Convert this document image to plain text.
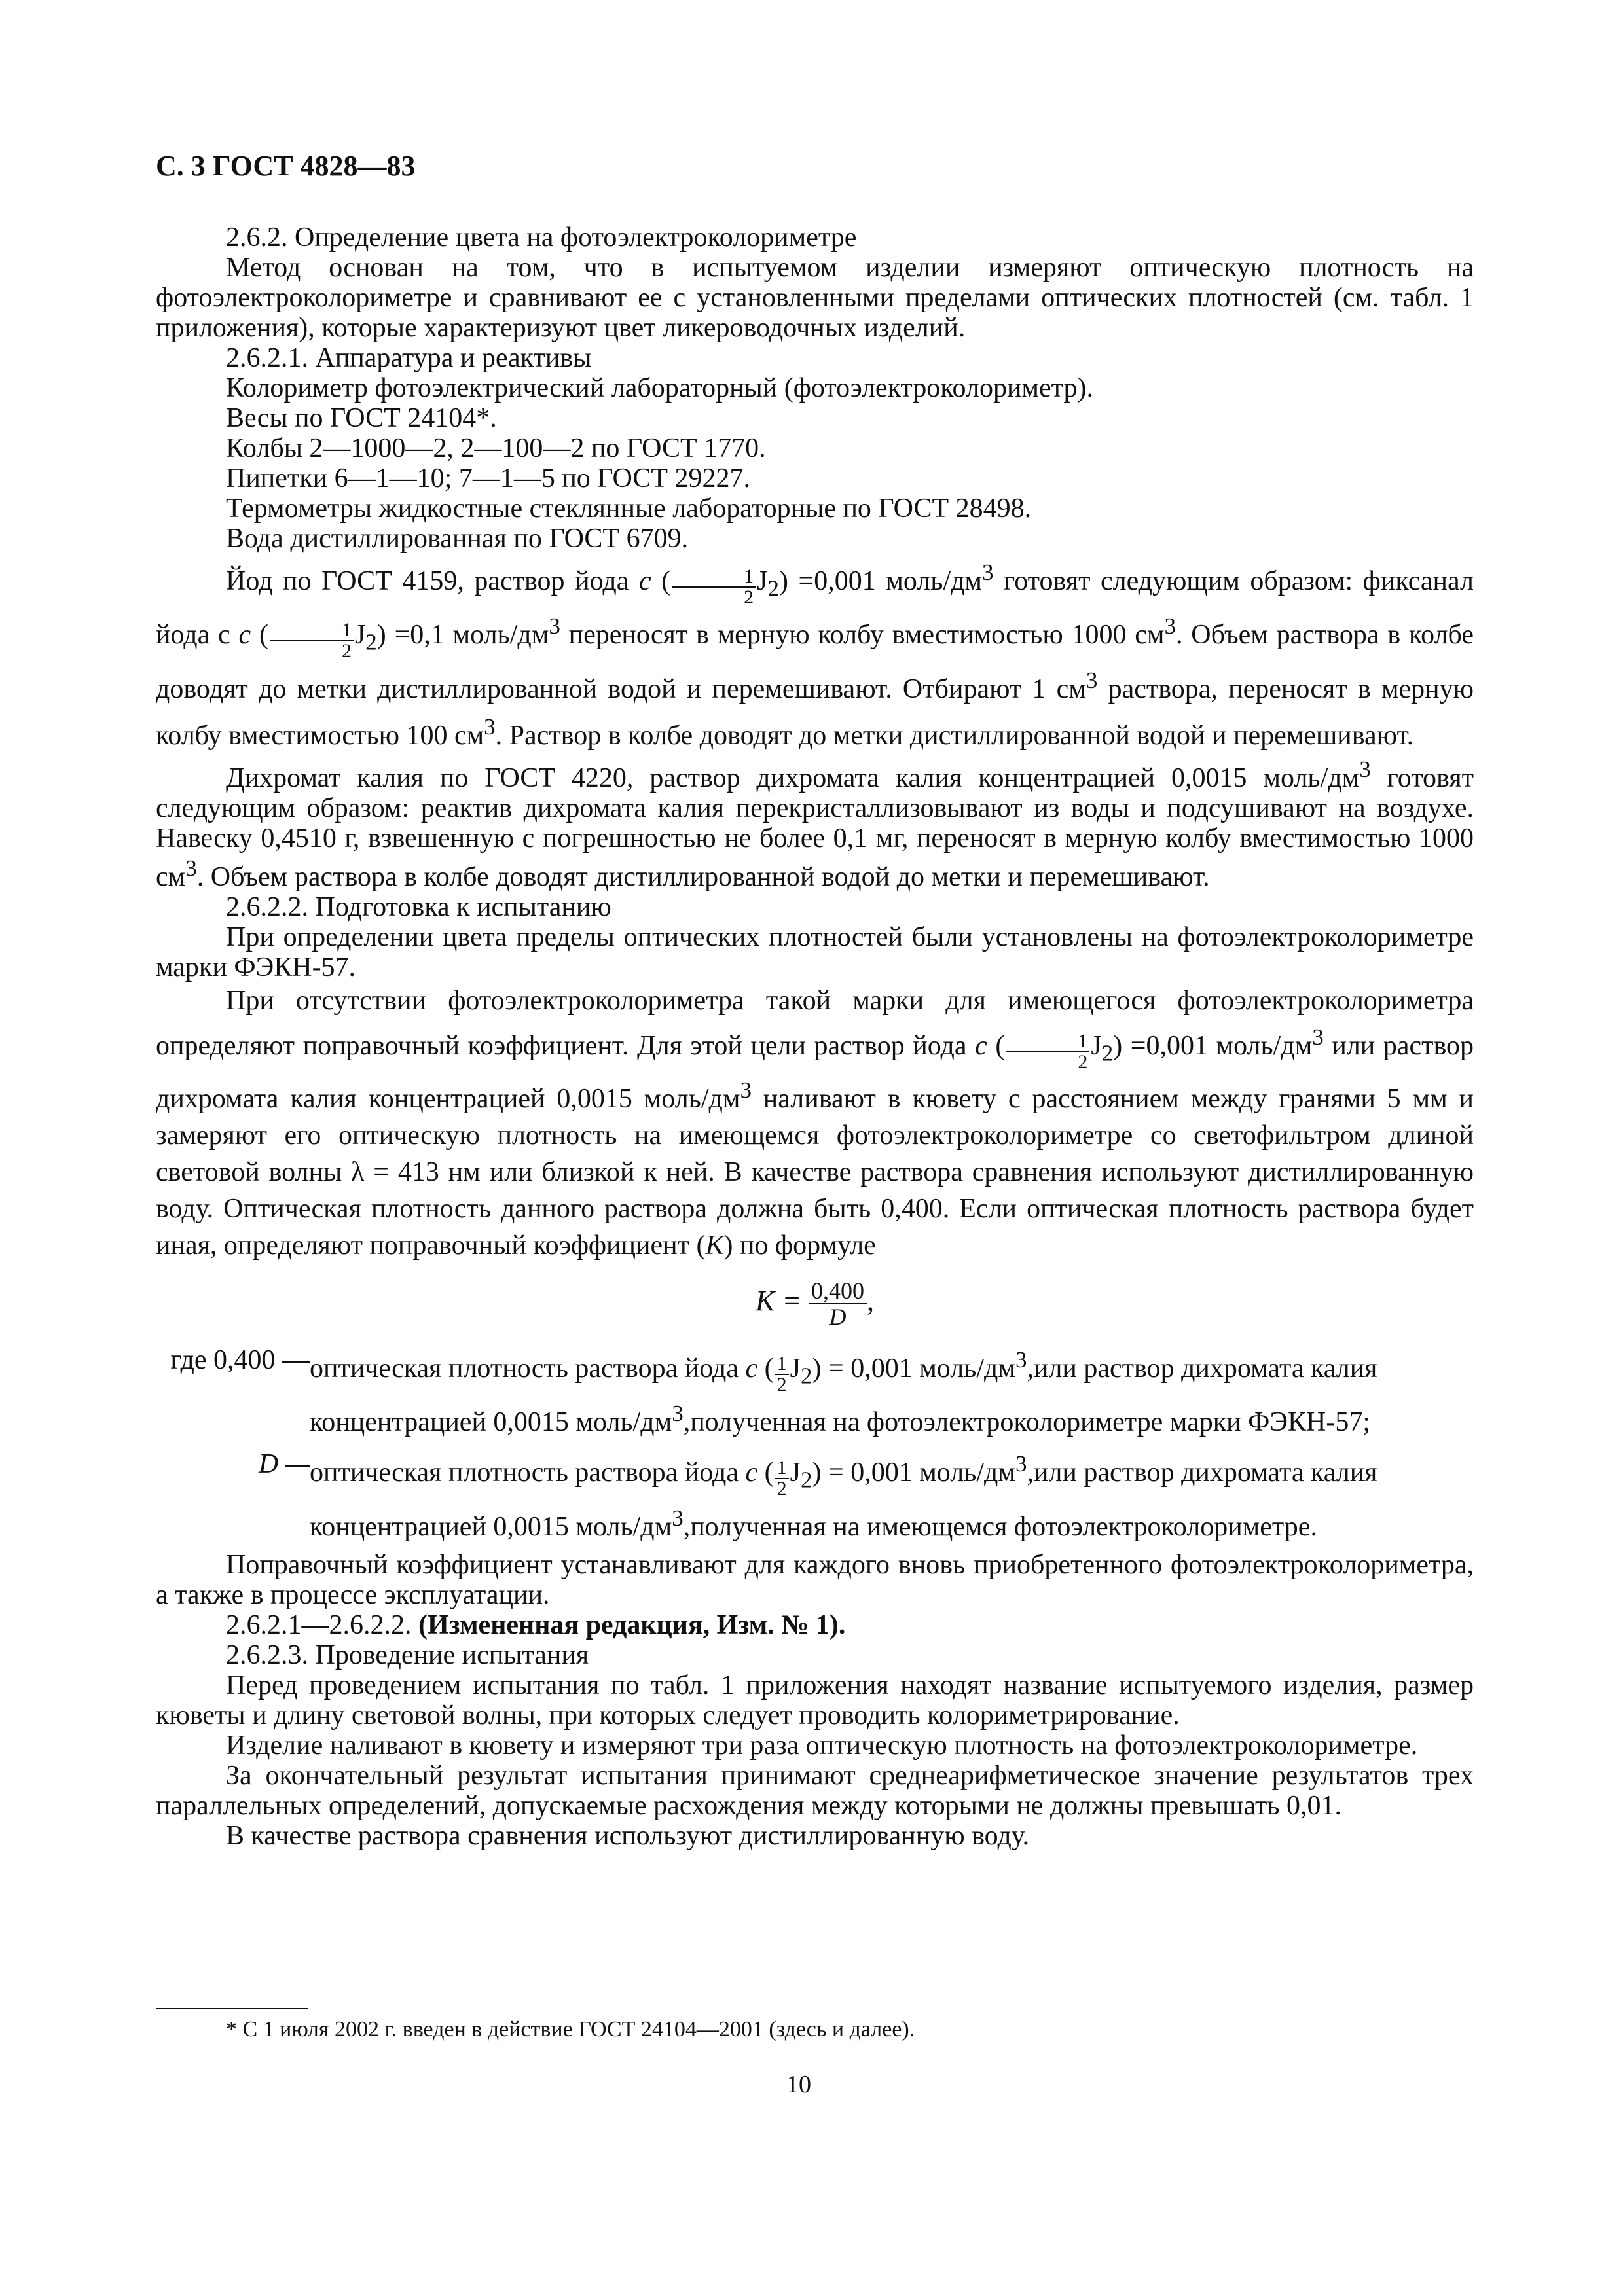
С. 3 ГОСТ 4828—83

2.6.2. Определение цвета на фотоэлектроколориметре

Метод основан на том, что в испытуемом изделии измеряют оптическую плотность на фотоэлектроколориметре и сравнивают ее с установленными пределами оптических плотностей (см. табл. 1 приложения), которые характеризуют цвет ликероводочных изделий.

2.6.2.1. Аппаратура и реактивы

Колориметр фотоэлектрический лабораторный (фотоэлектроколориметр).

Весы по ГОСТ 24104*.

Колбы 2—1000—2, 2—100—2 по ГОСТ 1770.

Пипетки 6—1—10; 7—1—5 по ГОСТ 29227.

Термометры жидкостные стеклянные лабораторные по ГОСТ 28498.

Вода дистиллированная по ГОСТ 6709.

Йод по ГОСТ 4159, раствор йода c ( $\frac{1}{2} J_2) =0,001$ моль/$дм^3$ готовят следующим образом: фиксанал йода с c ( $\frac{1}{2} J_2) =0,1$ моль/$дм^3$ переносят в мерную колбу вместимостью 1000 $см^3$. Объем раствора в колбе доводят до метки дистиллированной водой и перемешивают. Отбирают 1 $см^3$ раствора, переносят в мерную колбу вместимостью 100 $см^3$. Раствор в колбе доводят до метки дистиллированной водой и перемешивают.

Дихромат калия по ГОСТ 4220, раствор дихромата калия концентрацией 0,0015 моль/$дм^3$ готовят следующим образом: реактив дихромата калия перекристаллизовывают из воды и подсушивают на воздухе. Навеску 0,4510 г, взвешенную с погрешностью не более 0,1 мг, переносят в мерную колбу вместимостью 1000 $см^3$. Объем раствора в колбе доводят дистиллированной водой до метки и перемешивают.

2.6.2.2. Подготовка к испытанию

При определении цвета пределы оптических плотностей были установлены на фотоэлектроколориметре марки ФЭКН-57.

При отсутствии фотоэлектроколориметра такой марки для имеющегося фотоэлектроколориметра определяют поправочный коэффициент. Для этой цели раствор йода c ( $\frac{1}{2} J_2) =0,001$ моль/$дм^3$ или раствор дихромата калия концентрацией 0,0015 моль/$дм^3$ наливают в кювету с расстоянием между гранями 5 мм и замеряют его оптическую плотность на имеющемся фотоэлектроколориметре со светофильтром длиной световой волны λ = 413 нм или близкой к ней. В качестве раствора сравнения используют дистиллированную воду. Оптическая плотность данного раствора должна быть 0,400. Если оптическая плотность раствора будет иная, определяют поправочный коэффициент (K) по формуле

$K = \frac{0,400}{D}$ ,
где 0,400 — оптическая плотность раствора йода c ( $\frac{1}{2} J_2) = 0,001$ моль/$дм^3,или$ раствор дихромата калия концентрацией 0,0015 моль/$дм^3,полученная$ на фотоэлектроколориметре марки ФЭКН-57;
D — оптическая плотность раствора йода c ( $\frac{1}{2} J_2) = 0,001$ моль/$дм^3,или$ раствор дихромата калия концентрацией 0,0015 моль/$дм^3,полученная$ на имеющемся фотоэлектроколориметре.

Поправочный коэффициент устанавливают для каждого вновь приобретенного фотоэлектроколориметра, а также в процессе эксплуатации.

2.6.2.1—2.6.2.2. (Измененная редакция, Изм. № 1).

2.6.2.3. Проведение испытания

Перед проведением испытания по табл. 1 приложения находят название испытуемого изделия, размер кюветы и длину световой волны, при которых следует проводить колориметрирование.

Изделие наливают в кювету и измеряют три раза оптическую плотность на фотоэлектроколориметре.

За окончательный результат испытания принимают среднеарифметическое значение результатов трех параллельных определений, допускаемые расхождения между которыми не должны превышать 0,01.

В качестве раствора сравнения используют дистиллированную воду.

* С 1 июля 2002 г. введен в действие ГОСТ 24104—2001 (здесь и далее).
10
